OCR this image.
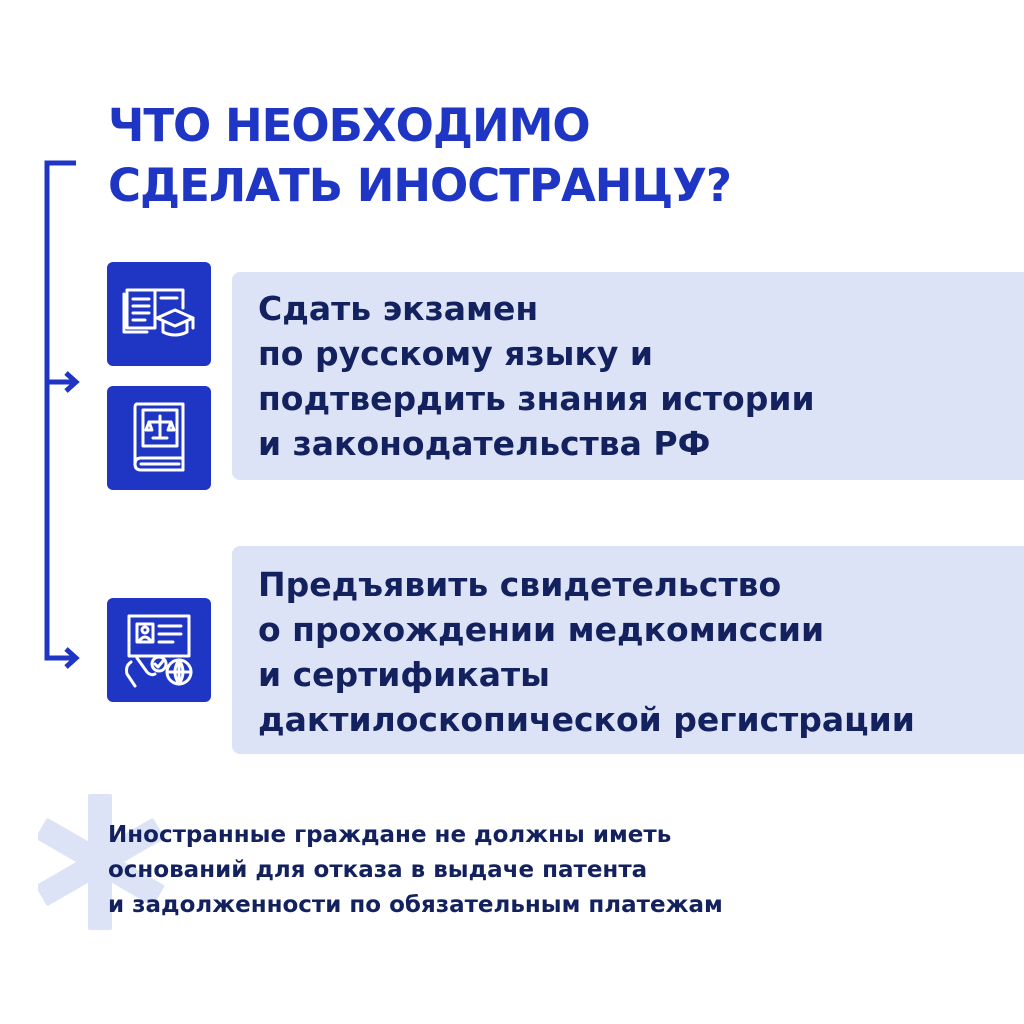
ЧТО НЕОБХОДИМО
СДЕЛАТЬ ИНОСТРАНЦУ?

Сдать экзамен
по русскому языку и
подтвердить знания истории
и законодательства РФ

Предъявить свидетельство
о прохождении медкомиссии
и сертификаты
дактилоскопической регистрации

Иностранные граждане не должны иметь
оснований для отказа в выдаче патента
и задолженности по обязательным платежам
